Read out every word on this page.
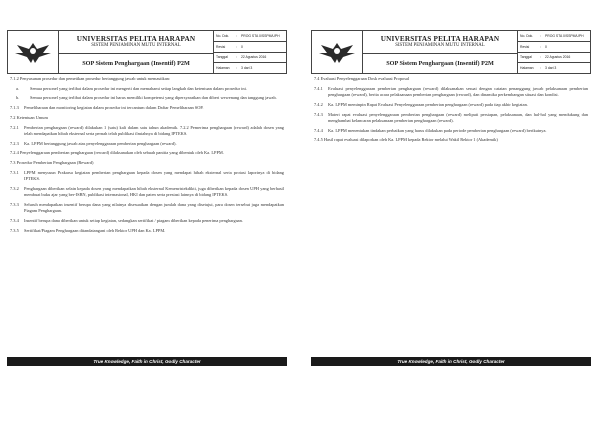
UNIVERSITAS PELITA HARAPAN
SISTEM PENJAMINAN MUTU INTERNAL
SOP Sistem Penghargaan (Insentif) P2M
No. Dok.	:	PROG STA 0/SSPM/UPH
Revisi	:	0
Tanggal	:	22 Agustus 2016
Halaman	:	3 dari 3
7.1.2 Penyusunan prosedur dan pemetikan prosedur bertanggung jawab untuk memastikan:
a.	Semua personel yang terlibat dalam prosedur ini mengerti dan memahami setiap langkah dan ketentuan dalam prosedur ini.
b.	Semua personel yang terlibat dalam prosedur ini harus memiliki kompetensi yang dipersyaratkan dan diberi wewenang dan tanggung jawab.
7.1.3	Pemeliharaan dan monitoring kegiatan dalam prosedur ini tercantum dalam Daftar Pemeliharaan SOP.
7.2 Ketentuan Umum
7.2.1	Pemberian penghargaan (reward) dilakukan 1 (satu) kali dalam satu tahun akademik. 7.2.2 Pemerima penghargaan (reward) adalah dosen yang telah mendapatkan hibah eksternal serta pernah telah publikasi ilmiahnya di bidang IPTEKS.
7.2.3	Ka. LPPM bertanggung jawab atas penyelenggaraan pemberian penghargaan (reward).
7.2.4 Penyelenggaraan pemberian penghargaan (reward) dilaksanakan oleh sebuah panitia yang dibentuk oleh Ka. LPPM.
7.3 Prosedur Pemberian Penghargaan (Reward)
7.3.1	LPPM menyusun Prakarsa kegiatan pemberian penghargaan kepada dosen yang mendapat hibah eksternal serta protasi laporinya di bidang IPTEKS.
7.3.2	Penghargaan diberikan selain kepada dosen yang mendapatkan hibah eksternal Kemenristekdikti, juga diberikan kepada dosen UPH yang berhasil membuat buku ajar yang ber-ISBN, publikasi internasional, HKI dan paten serta prestasi lainnya di bidang IPTEKS.
7.3.3	Seluruh mendapatkan insentif berupa dana yang nilainya disesuaikan dengan jumlah dana yang disetujui, para dosen tersebut juga mendapatkan Piagam Penghargaan.
7.3.4	Insentif berupa dana diberikan untuk setiap kegiatan, sedangkan sertifikat / piagam diberikan kepada penerima penghargaan.
7.3.5	Sertifikat/Piagam Penghargaan ditandatangani oleh Rektor UPH dan Ka. LPPM.
True Knowledge, Faith in Christ, Godly Character
UNIVERSITAS PELITA HARAPAN
SISTEM PENJAMINAN MUTU INTERNAL
SOP Sistem Penghargaan (Insentif) P2M
No. Dok.	:	PROG STA 0/SSPM/UPH
Revisi	:	0
Tanggal	:	22 Agustus 2016
Halaman	:	3 dari 3
7.4 Evaluasi Penyelenggaraan Dosk evaluasi Proposal
7.4.1	Evaluasi penyelenggaraan pemberian penghargaan (reward) dilaksanakan sesuai dengan catatan penanggung jawab pelaksanaan pemberian penghargaan (reward), berita acara pelaksanaan pemberian penghargaan (reward), dan dinamika perkembangan situasi dan kondisi.
7.4.2	Ka. LPPM meminpin Rapat Evaluasi Penyelenggaraan pemberian penghargaan (reward) pada tiap akhir kegiatan.
7.4.3	Materi rapat evaluasi penyelenggaraan pemberian penghargaan (reward) meliputi persiapan, pelaksanaan, dan hal-hal yang mendukung dan menghambat kelancaran pelaksanaan pemberian penghargaan (reward).
7.4.4	Ka. LPPM menentukan tindakan perbaikan yang harus dilakukan pada periode pemberian penghargaan (reward) berikutnya.
7.4.5 Hasil rapat evaluasi dilaporkan oleh Ka. LPPM kepada Rektor melalui Wakil Rektor 1 (Akademik)
True Knowledge, Faith in Christ, Godly Character
